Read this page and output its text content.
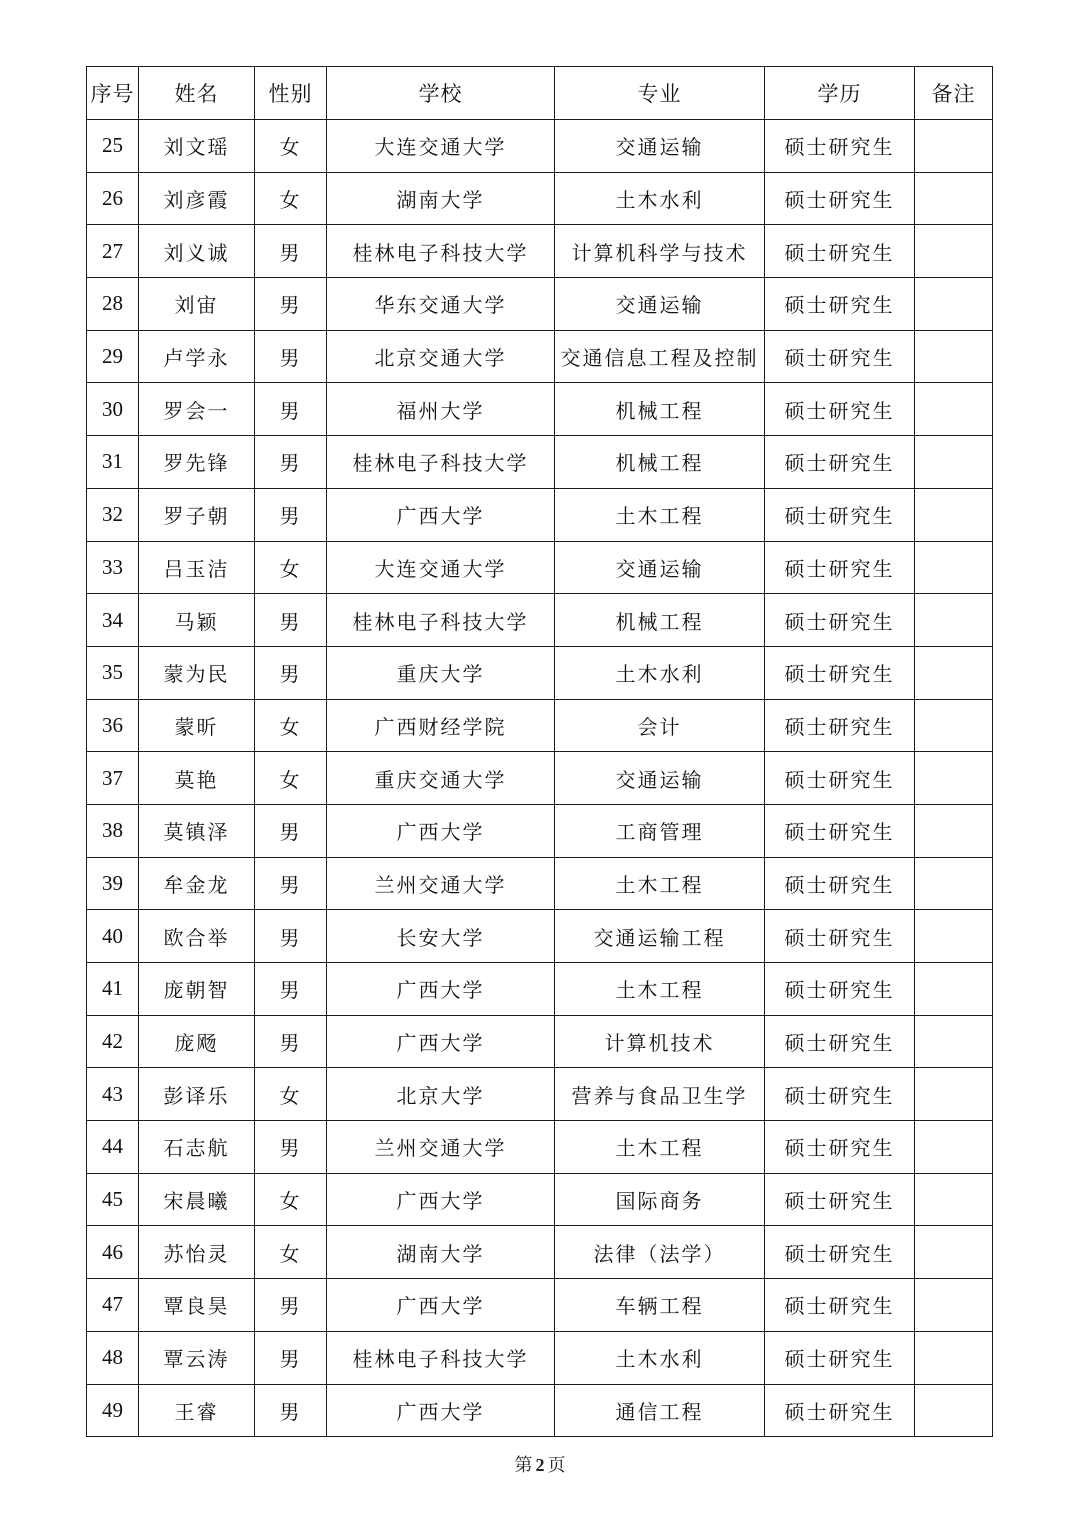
序号	姓名	性别	学校	专业	学历	备注
25	刘文瑶	女	大连交通大学	交通运输	硕士研究生	
26	刘彦霞	女	湖南大学	土木水利	硕士研究生	
27	刘义诚	男	桂林电子科技大学	计算机科学与技术	硕士研究生	
28	刘宙	男	华东交通大学	交通运输	硕士研究生	
29	卢学永	男	北京交通大学	交通信息工程及控制	硕士研究生	
30	罗会一	男	福州大学	机械工程	硕士研究生	
31	罗先锋	男	桂林电子科技大学	机械工程	硕士研究生	
32	罗子朝	男	广西大学	土木工程	硕士研究生	
33	吕玉洁	女	大连交通大学	交通运输	硕士研究生	
34	马颖	男	桂林电子科技大学	机械工程	硕士研究生	
35	蒙为民	男	重庆大学	土木水利	硕士研究生	
36	蒙昕	女	广西财经学院	会计	硕士研究生	
37	莫艳	女	重庆交通大学	交通运输	硕士研究生	
38	莫镇泽	男	广西大学	工商管理	硕士研究生	
39	牟金龙	男	兰州交通大学	土木工程	硕士研究生	
40	欧合举	男	长安大学	交通运输工程	硕士研究生	
41	庞朝智	男	广西大学	土木工程	硕士研究生	
42	庞飏	男	广西大学	计算机技术	硕士研究生	
43	彭译乐	女	北京大学	营养与食品卫生学	硕士研究生	
44	石志航	男	兰州交通大学	土木工程	硕士研究生	
45	宋晨曦	女	广西大学	国际商务	硕士研究生	
46	苏怡灵	女	湖南大学	法律（法学）	硕士研究生	
47	覃良昊	男	广西大学	车辆工程	硕士研究生	
48	覃云涛	男	桂林电子科技大学	土木水利	硕士研究生	
49	王睿	男	广西大学	通信工程	硕士研究生	
第 2 页
